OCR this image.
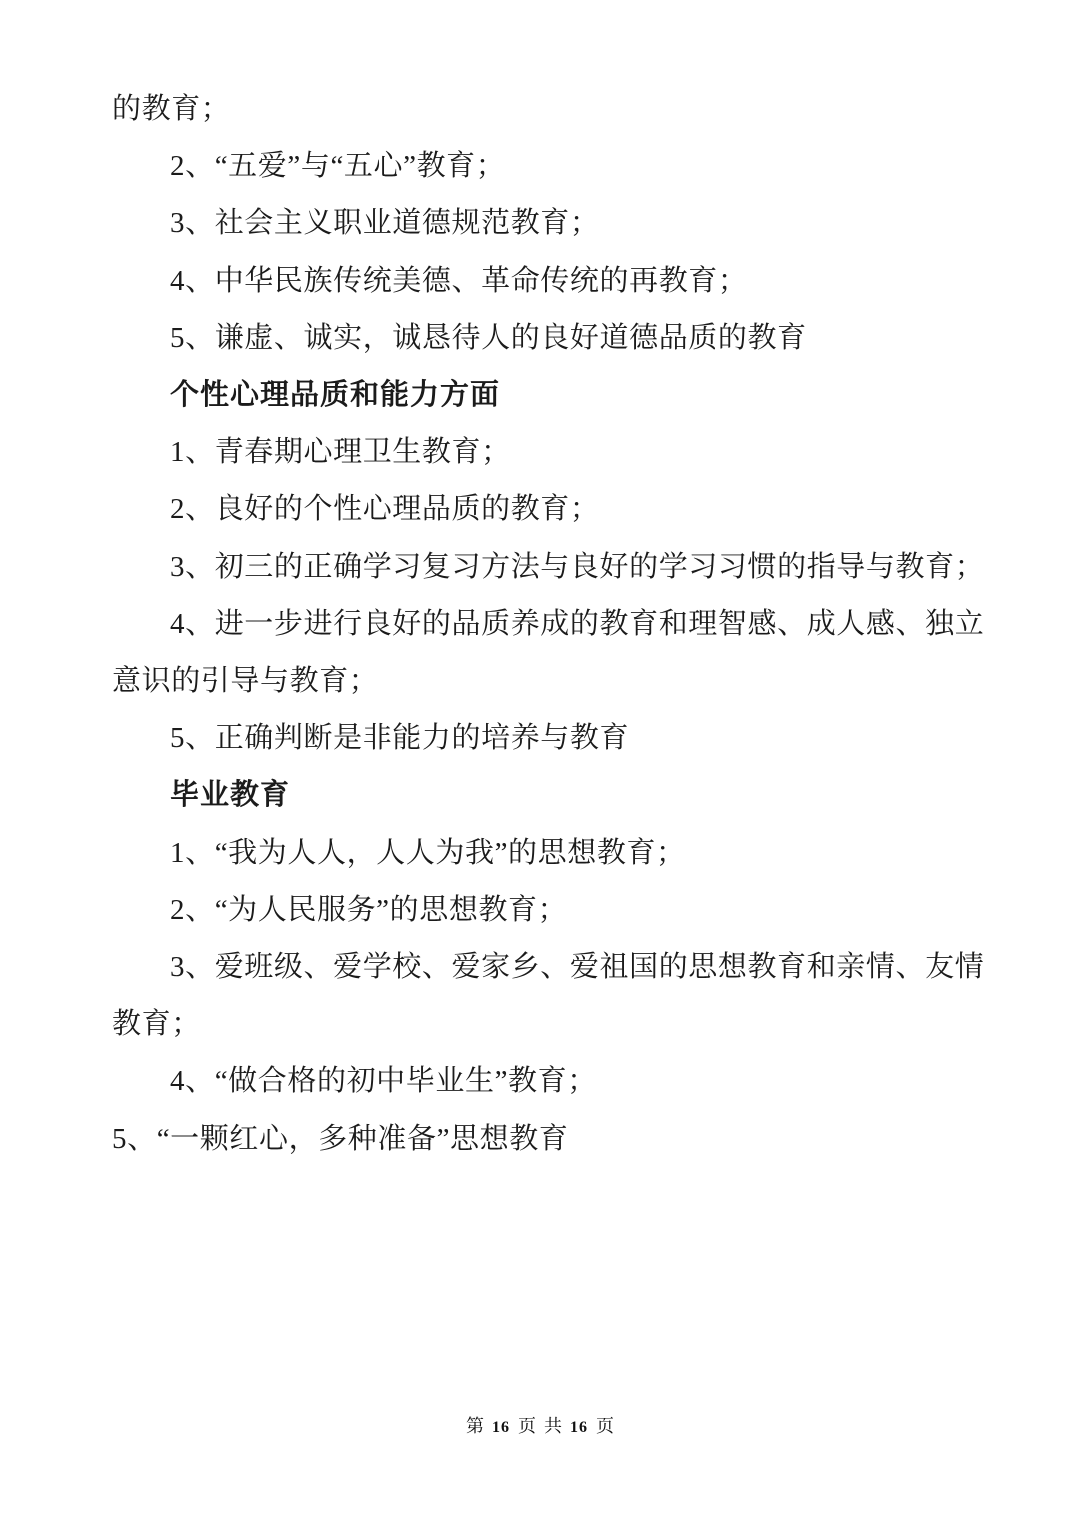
的教育；
2、“五爱”与“五心”教育；
3、社会主义职业道德规范教育；
4、中华民族传统美德、革命传统的再教育；
5、谦虚、诚实，诚恳待人的良好道德品质的教育
个性心理品质和能力方面
1、青春期心理卫生教育；
2、良好的个性心理品质的教育；
3、初三的正确学习复习方法与良好的学习习惯的指导与教育；
4、进一步进行良好的品质养成的教育和理智感、成人感、独立
意识的引导与教育；
5、正确判断是非能力的培养与教育
毕业教育
1、“我为人人，人人为我”的思想教育；
2、“为人民服务”的思想教育；
3、爱班级、爱学校、爱家乡、爱祖国的思想教育和亲情、友情
教育；
4、“做合格的初中毕业生”教育；
5、“一颗红心，多种准备”思想教育
第 16 页 共 16 页
